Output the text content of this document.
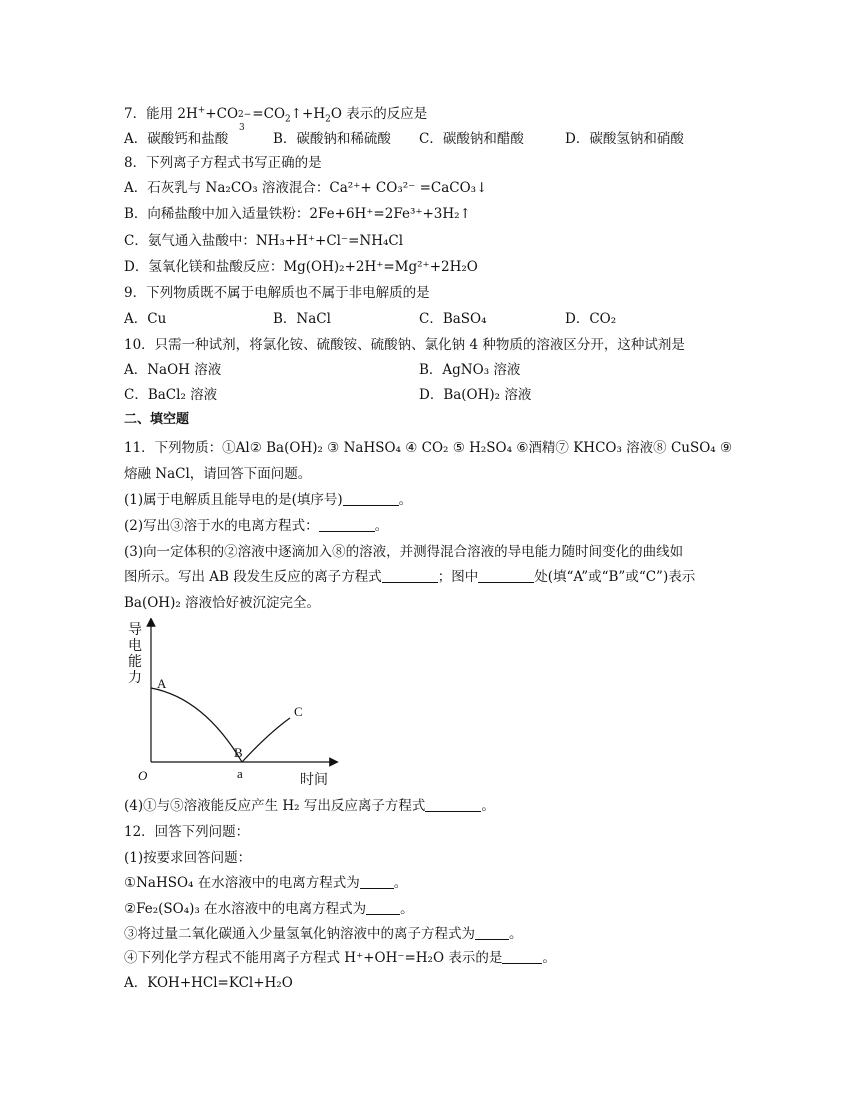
7．能用 2H++CO 2−
3
$=CO_2↑+H_2O$ 表示的反应是
A．碳酸钙和盐酸	B．碳酸钠和稀硫酸 C．碳酸钠和醋酸	D．碳酸氢钠和硝酸
8．下列离子方程式书写正确的是
A．石灰乳与 Na₂CO₃ 溶液混合：Ca²⁺+ CO₃²⁻ =CaCO₃↓
B．向稀盐酸中加入适量铁粉：2Fe+6H⁺=2Fe³⁺+3H₂↑
C．氨气通入盐酸中：NH₃+H⁺+Cl⁻=NH₄Cl
D．氢氧化镁和盐酸反应：Mg(OH)₂+2H⁺=Mg²⁺+2H₂O
9．下列物质既不属于电解质也不属于非电解质的是
A．Cu	B．NaCl	C．BaSO₄	D．CO₂
10．只需一种试剂，将氯化铵、硫酸铵、硫酸钠、氯化钠 4 种物质的溶液区分开，这种试剂是
A．NaOH 溶液	B．AgNO₃ 溶液
C．BaCl₂ 溶液	D．Ba(OH)₂ 溶液
二、填空题
11．下列物质：①Al② Ba(OH)₂ ③ NaHSO₄ ④ CO₂ ⑤ H₂SO₄ ⑥酒精⑦ KHCO₃ 溶液⑧ CuSO₄ ⑨
熔融 NaCl，请回答下面问题。
(1)属于电解质且能导电的是(填序号)	。
(2)写出③溶于水的电离方程式：	。
(3)向一定体积的②溶液中逐滴加入⑧的溶液，并测得混合溶液的导电能力随时间变化的曲线如
图所示。写出 AB 段发生反应的离子方程式	；图中	处(填“A”或“B”或“C”)表示
Ba(OH)₂ 溶液恰好被沉淀完全。
导 电 能 力 A
B
C
O	a	时间
(4)①与⑤溶液能反应产生 H₂ 写出反应离子方程式	。
12．回答下列问题：
(1)按要求回答问题：
①NaHSO₄ 在水溶液中的电离方程式为	。
②Fe₂(SO₄)₃ 在水溶液中的电离方程式为	。
③将过量二氧化碳通入少量氢氧化钠溶液中的离子方程式为	。
④下列化学方程式不能用离子方程式 H⁺+OH⁻=H₂O 表示的是	。
A．KOH+HCl=KCl+H₂O
